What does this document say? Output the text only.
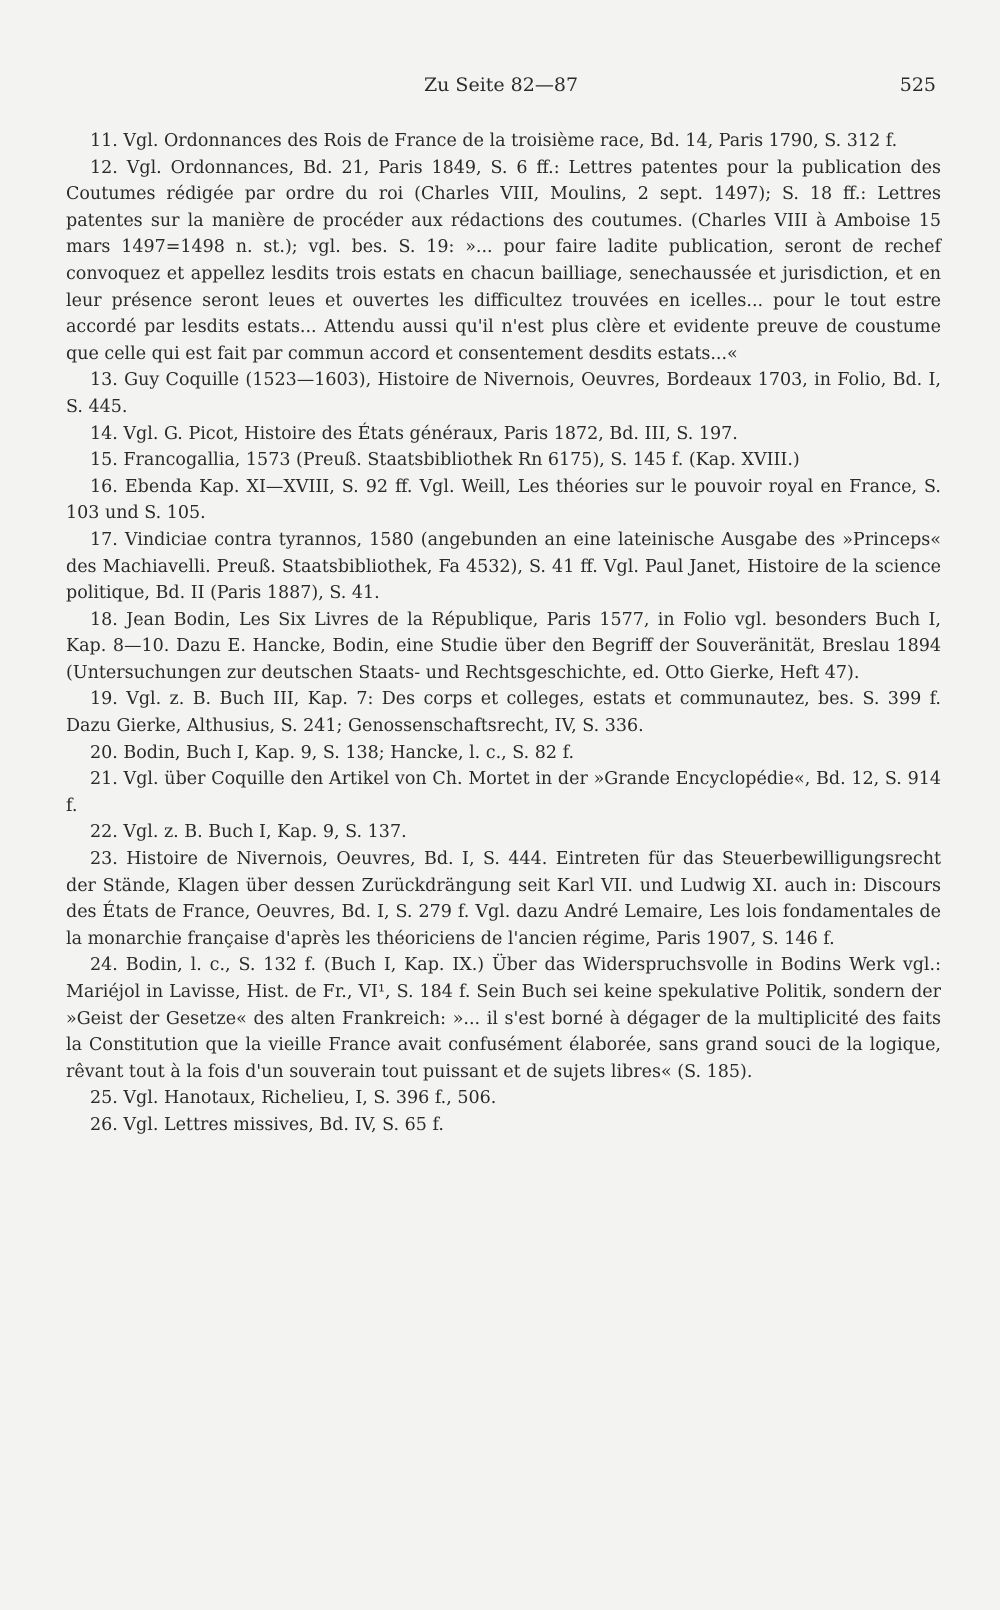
Zu Seite 82—87	525

11. Vgl. Ordonnances des Rois de France de la troisième race, Bd. 14, Paris 1790, S. 312 f.

12. Vgl. Ordonnances, Bd. 21, Paris 1849, S. 6 ff.: Lettres patentes pour la publication des Coutumes rédigée par ordre du roi (Charles VIII, Moulins, 2 sept. 1497); S. 18 ff.: Lettres patentes sur la manière de procéder aux rédactions des coutumes. (Charles VIII à Amboise 15 mars 1497=1498 n. st.); vgl. bes. S. 19: »... pour faire ladite publication, seront de rechef convoquez et appellez lesdits trois estats en chacun bailliage, senechaussée et jurisdiction, et en leur présence seront leues et ouvertes les difficultez trouvées en icelles... pour le tout estre accordé par lesdits estats... Attendu aussi qu'il n'est plus clère et evidente preuve de coustume que celle qui est fait par commun accord et consentement desdits estats...«

13. Guy Coquille (1523—1603), Histoire de Nivernois, Oeuvres, Bordeaux 1703, in Folio, Bd. I, S. 445.

14. Vgl. G. Picot, Histoire des États généraux, Paris 1872, Bd. III, S. 197.

15. Francogallia, 1573 (Preuß. Staatsbibliothek Rn 6175), S. 145 f. (Kap. XVIII.)

16. Ebenda Kap. XI—XVIII, S. 92 ff. Vgl. Weill, Les théories sur le pouvoir royal en France, S. 103 und S. 105.

17. Vindiciae contra tyrannos, 1580 (angebunden an eine lateinische Ausgabe des »Princeps« des Machiavelli. Preuß. Staatsbibliothek, Fa 4532), S. 41 ff. Vgl. Paul Janet, Histoire de la science politique, Bd. II (Paris 1887), S. 41.

18. Jean Bodin, Les Six Livres de la République, Paris 1577, in Folio vgl. besonders Buch I, Kap. 8—10. Dazu E. Hancke, Bodin, eine Studie über den Begriff der Souveränität, Breslau 1894 (Untersuchungen zur deutschen Staats- und Rechtsgeschichte, ed. Otto Gierke, Heft 47).

19. Vgl. z. B. Buch III, Kap. 7: Des corps et colleges, estats et communautez, bes. S. 399 f. Dazu Gierke, Althusius, S. 241; Genossenschaftsrecht, IV, S. 336.

20. Bodin, Buch I, Kap. 9, S. 138; Hancke, l. c., S. 82 f.

21. Vgl. über Coquille den Artikel von Ch. Mortet in der »Grande Encyclopédie«, Bd. 12, S. 914 f.

22. Vgl. z. B. Buch I, Kap. 9, S. 137.

23. Histoire de Nivernois, Oeuvres, Bd. I, S. 444. Eintreten für das Steuerbewilligungsrecht der Stände, Klagen über dessen Zurückdrängung seit Karl VII. und Ludwig XI. auch in: Discours des États de France, Oeuvres, Bd. I, S. 279 f. Vgl. dazu André Lemaire, Les lois fondamentales de la monarchie française d'après les théoriciens de l'ancien régime, Paris 1907, S. 146 f.

24. Bodin, l. c., S. 132 f. (Buch I, Kap. IX.) Über das Widerspruchsvolle in Bodins Werk vgl.: Mariéjol in Lavisse, Hist. de Fr., VI¹, S. 184 f. Sein Buch sei keine spekulative Politik, sondern der »Geist der Gesetze« des alten Frankreich: »... il s'est borné à dégager de la multiplicité des faits la Constitution que la vieille France avait confusément élaborée, sans grand souci de la logique, rêvant tout à la fois d'un souverain tout puissant et de sujets libres« (S. 185).

25. Vgl. Hanotaux, Richelieu, I, S. 396 f., 506.

26. Vgl. Lettres missives, Bd. IV, S. 65 f.
